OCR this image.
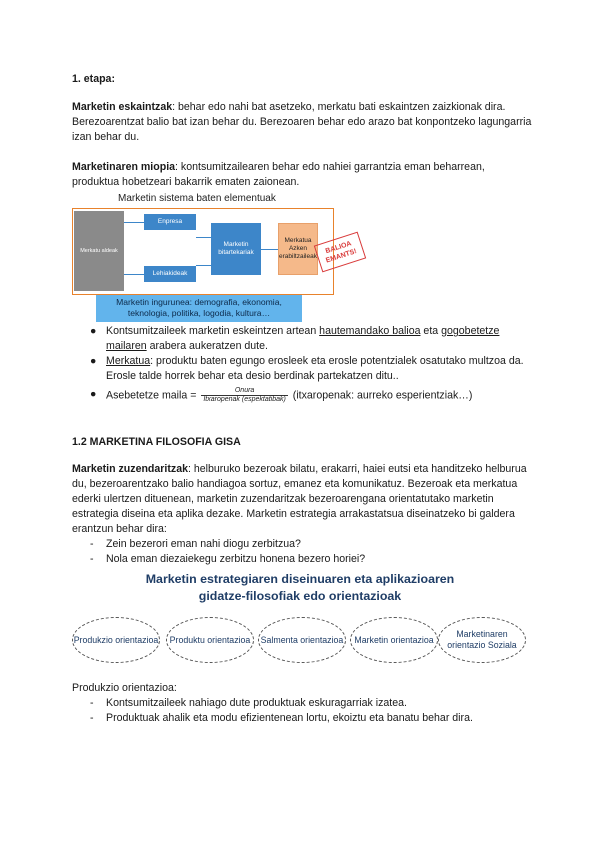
1. etapa:

Marketin eskaintzak: behar edo nahi bat asetzeko, merkatu bati eskaintzen zaizkionak dira. Berezoarentzat balio bat izan behar du. Berezoaren behar edo arazo bat konpontzeko lagungarria izan behar du.

Marketinaren miopia: kontsumitzailearen behar edo nahiei garrantzia eman beharrean, produktua hobetzeari bakarrik ematen zaionean.

Marketin sistema baten elementuak
Merkatu aldeak
Enpresa
Lehiakideak
Marketin bitartekariak
Merkatua Azken erabiltzaileak
Marketin ingurunea: demografia, ekonomia, teknologia, politika, logodia, kultura…
BALIOA EMANTS!
● Kontsumitzaileek marketin eskeintzen artean hautemandako balioa eta gogobetetze mailaren arabera aukeratzen dute.
● Merkatua: produktu baten egungo erosleek eta erosle potentzialek osatutako multzoa da. Erosle talde horrek behar eta desio berdinak partekatzen ditu..
● Asebetetze maila = $\frac{\text{Onura}}{\text{Itxaropenak (espektatibak)}}$ (itxaropenak: aurreko esperientziak…)
1.2 MARKETINA FILOSOFIA GISA

Marketin zuzendaritzak: helburuko bezeroak bilatu, erakarri, haiei eutsi eta handitzeko helburua du, bezeroarentzako balio handiagoa sortuz, emanez eta komunikatuz. Bezeroak eta merkatua ederki ulertzen dituenean, marketin zuzendaritzak bezeroarengana orientatutako marketin estrategia diseina eta aplika dezake. Marketin estrategia arrakastatsua diseinatzeko bi galdera erantzun behar dira:

- Zein bezerori eman nahi diogu zerbitzua?
- Nola eman diezaiekegu zerbitzu honena bezero horiei?
Marketin estrategiaren diseinuaren eta aplikazioaren
gidatze-filosofiak edo orientazioak
Produkzio orientazioa	Produktu orientazioa	Salmenta orientazioa	Marketin orientazioa
Marketinaren orientazio Soziala

Produkzio orientazioa:

- Kontsumitzaileek nahiago dute produktuak eskuragarriak izatea.
- Produktuak ahalik eta modu efizientenean lortu, ekoiztu eta banatu behar dira.
